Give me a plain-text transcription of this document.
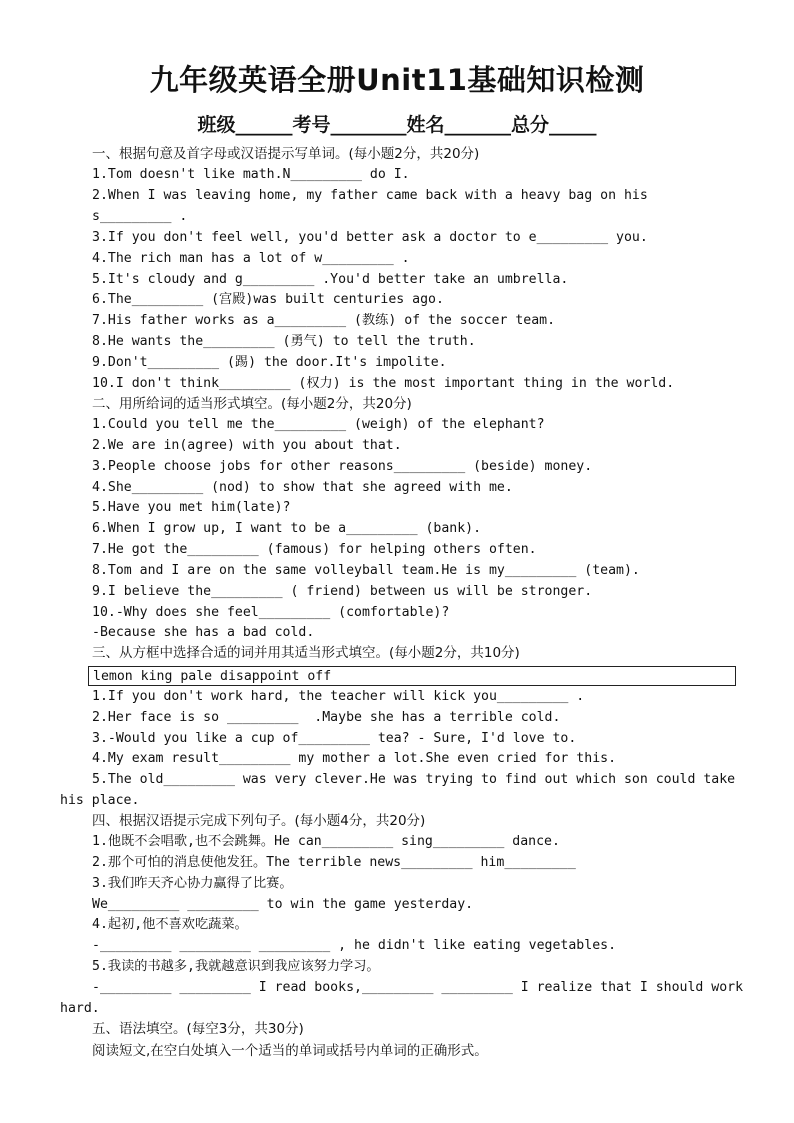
九年级英语全册Unit11基础知识检测
班级______考号________姓名_______总分_____
一、根据句意及首字母或汉语提示写单词。(每小题2分，共20分)
1.Tom doesn't like math.N_________ do I.
2.When I was leaving home, my father came back with a heavy bag on his
s_________ .
3.If you don't feel well, you'd better ask a doctor to e_________ you.
4.The rich man has a lot of w_________ .
5.It's cloudy and g_________ .You'd better take an umbrella.
6.The_________ (宫殿)was built centuries ago.
7.His father works as a_________ (教练) of the soccer team.
8.He wants the_________ (勇气) to tell the truth.
9.Don't_________ (踢) the door.It's impolite.
10.I don't think_________ (权力) is the most important thing in the world.
二、用所给词的适当形式填空。(每小题2分，共20分)
1.Could you tell me the_________ (weigh) of the elephant?
2.We are in(agree) with you about that.
3.People choose jobs for other reasons_________ (beside) money.
4.She_________ (nod) to show that she agreed with me.
5.Have you met him(late)?
6.When I grow up, I want to be a_________ (bank).
7.He got the_________ (famous) for helping others often.
8.Tom and I are on the same volleyball team.He is my_________ (team).
9.I believe the_________ ( friend) between us will be stronger.
10.-Why does she feel_________ (comfortable)?
-Because she has a bad cold.
三、从方框中选择合适的词并用其适当形式填空。(每小题2分，共10分)
lemon king pale disappoint off
1.If you don't work hard, the teacher will kick you_________ .
2.Her face is so _________  .Maybe she has a terrible cold.
3.-Would you like a cup of_________ tea? - Sure, I'd love to.
4.My exam result_________ my mother a lot.She even cried for this.
5.The old_________ was very clever.He was trying to find out which son could take
his place.
四、根据汉语提示完成下列句子。(每小题4分，共20分)
1.他既不会唱歌,也不会跳舞。He can_________ sing_________ dance.
2.那个可怕的消息使他发狂。The terrible news_________ him_________
3.我们昨天齐心协力赢得了比赛。
We_________ _________ to win the game yesterday.
4.起初,他不喜欢吃蔬菜。
-_________ _________ _________ , he didn't like eating vegetables.
5.我读的书越多,我就越意识到我应该努力学习。
-_________ _________ I read books,_________ _________ I realize that I should work
hard.
五、语法填空。(每空3分，共30分)
阅读短文,在空白处填入一个适当的单词或括号内单词的正确形式。
